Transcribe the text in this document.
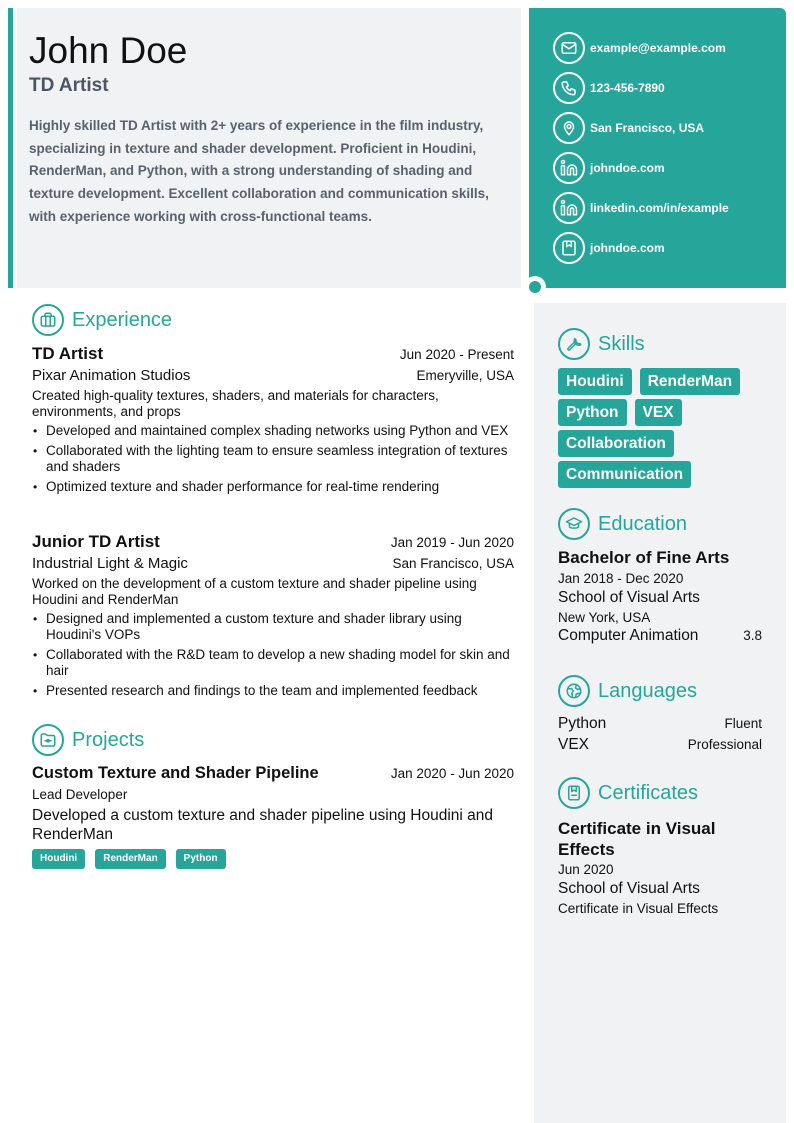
John Doe
TD Artist
Highly skilled TD Artist with 2+ years of experience in the film industry, specializing in texture and shader development. Proficient in Houdini, RenderMan, and Python, with a strong understanding of shading and texture development. Excellent collaboration and communication skills, with experience working with cross-functional teams.
example@example.com
123-456-7890
San Francisco, USA
johndoe.com
linkedin.com/in/example
johndoe.com
Experience
TD Artist	Jun 2020 - Present
Pixar Animation Studios	Emeryville, USA
Created high-quality textures, shaders, and materials for characters, environments, and props
• Developed and maintained complex shading networks using Python and VEX
• Collaborated with the lighting team to ensure seamless integration of textures and shaders
• Optimized texture and shader performance for real-time rendering
Junior TD Artist	Jan 2019 - Jun 2020
Industrial Light & Magic	San Francisco, USA
Worked on the development of a custom texture and shader pipeline using Houdini and RenderMan
• Designed and implemented a custom texture and shader library using Houdini's VOPs
• Collaborated with the R&D team to develop a new shading model for skin and hair
• Presented research and findings to the team and implemented feedback
Projects
Custom Texture and Shader Pipeline	Jan 2020 - Jun 2020
Lead Developer
Developed a custom texture and shader pipeline using Houdini and RenderMan
Houdini	RenderMan	Python
Skills
Houdini	RenderMan
Python	VEX
Collaboration
Communication
Education
Bachelor of Fine Arts
Jan 2018 - Dec 2020
School of Visual Arts
New York, USA
Computer Animation	3.8
Languages
Python	Fluent
VEX	Professional
Certificates
Certificate in Visual Effects
Jun 2020
School of Visual Arts
Certificate in Visual Effects
